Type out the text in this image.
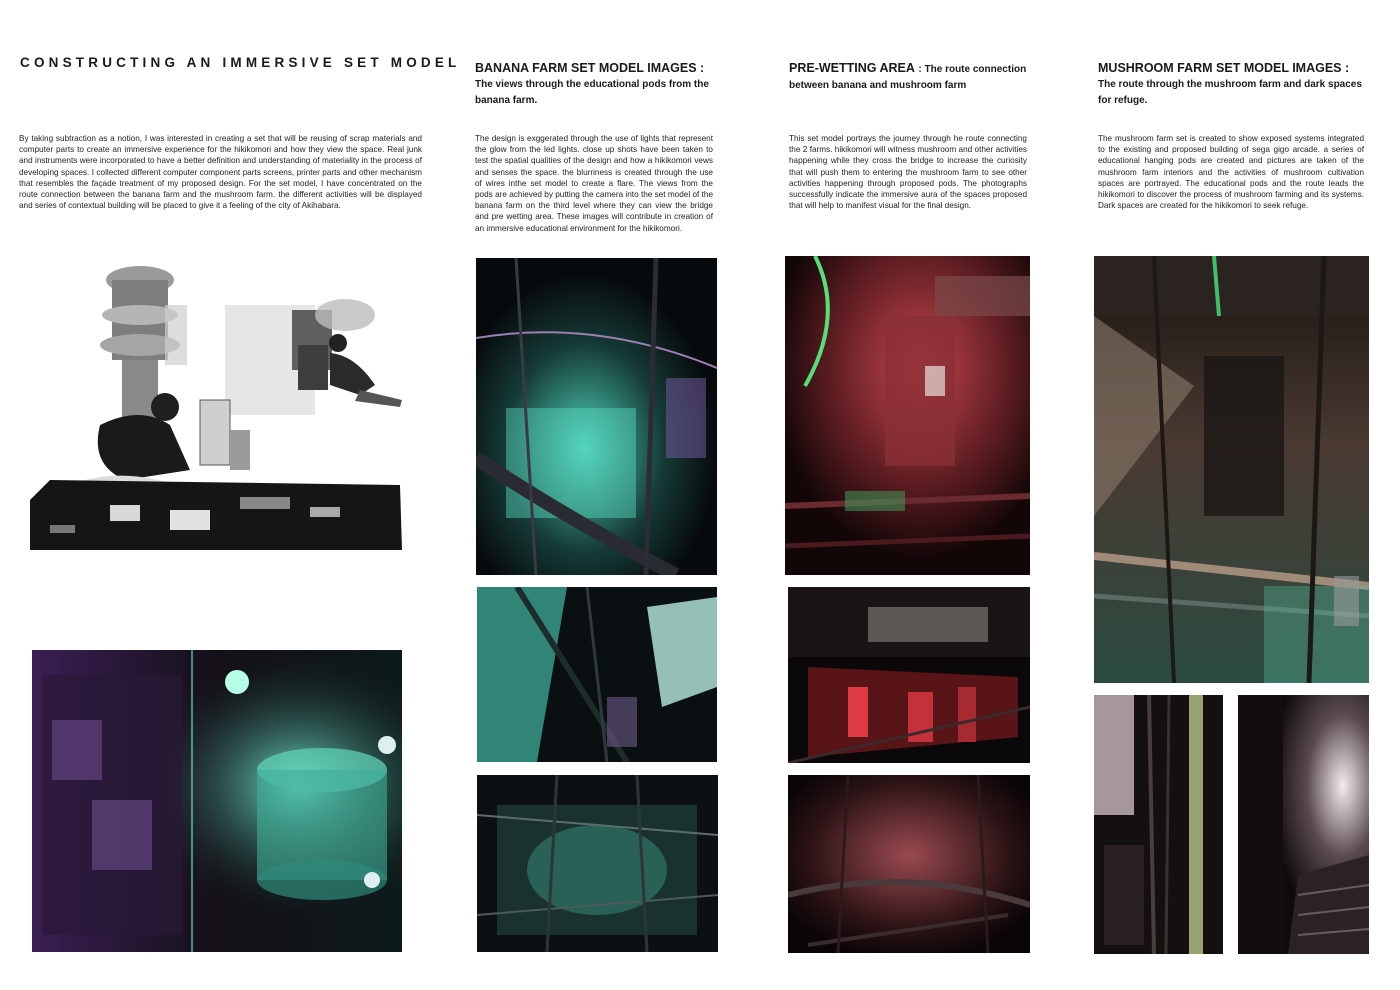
CONSTRUCTING AN IMMERSIVE SET MODEL
By taking subtraction as a notion, I was interested in creating a set that will be reusing of scrap materials and computer parts to create an immersive experience for the hikikomori and how they view the space. Real junk and instruments were incorporated to have a better definition and understanding of materiality in the process of developing spaces. I collected different computer component parts screens, printer parts and other mechanism that resembles the façade treatment of my proposed design. For the set model, I have concentrated on the route connection between the banana farm and the mushroom farm. the different activities will be displayed and series of contextual building will be placed to give it a feeling of the city of Akihabara.
BANANA FARM SET MODEL IMAGES :
The views through the educational pods from the banana farm.
The design is exggerated through the use of lights that represent the glow from the led lights. close up shots have been taken to test the spatial qualities of the design and how a hikikomori vews and senses the space. the blurriness is created through the use of wires inthe set model to create a flare. The views from the pods are achieved by putting the camera into the set model of the banana farm on the third level where they can view the bridge and pre wetting area. These images will contribute in creation of an immersive educational environment for the hikikomori.
PRE-WETTING AREA : The route connection between banana and mushroom farm
This set model portrays the journey through he route connecting the 2 farms. hikikomori will witness mushroom and other activities happening while they cross the bridge to increase the curiosity that will push them to entering the mushroom farm to see other activities happening through proposed pods. The photographs successfully indicate the immersive aura of the spaces proposed that will help to manifest visual for the final design.
MUSHROOM FARM SET MODEL IMAGES : The route through the mushroom farm and dark spaces for refuge.
The mushroom farm set is created to show exposed systems integrated to the existing and proposed building of sega gigo arcade. a series of educational hanging pods are created and pictures are taken of the mushroom farm interiors and the activities of mushroom cultivation spaces are portrayed. The educational pods and the route leads the hikikomori to discover the process of mushroom farming and its systems. Dark spaces are created for the hikikomori to seek refuge.
